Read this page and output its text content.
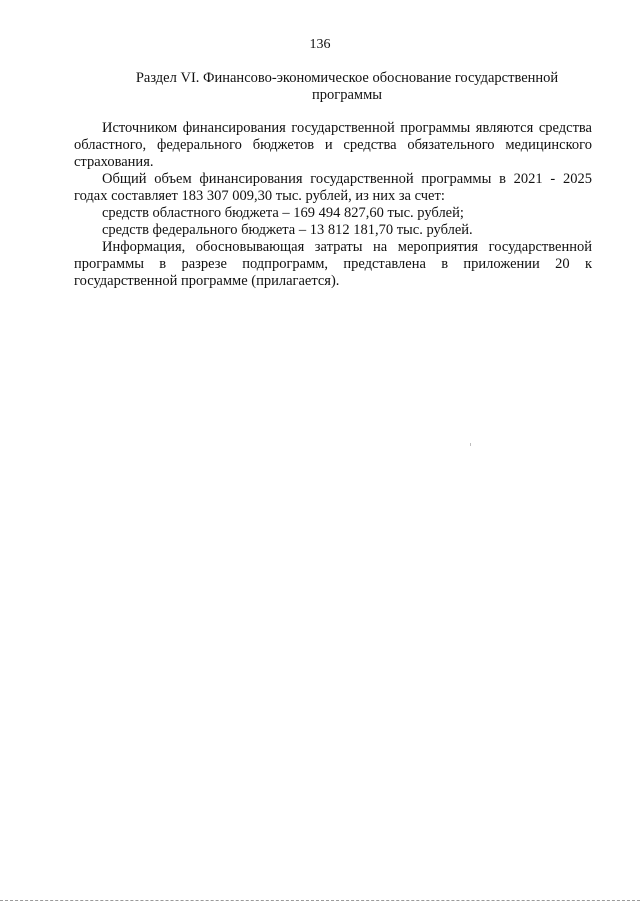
136
Раздел VI. Финансово-экономическое обоснование государственной программы

Источником финансирования государственной программы являются средства областного, федерального бюджетов и средства обязательного медицинского страхования.

Общий объем финансирования государственной программы в 2021 - 2025 годах составляет 183 307 009,30 тыс. рублей, из них за счет:

средств областного бюджета – 169 494 827,60 тыс. рублей;

средств федерального бюджета – 13 812 181,70 тыс. рублей.

Информация, обосновывающая затраты на мероприятия государственной программы в разрезе подпрограмм, представлена в приложении 20 к государственной программе (прилагается).
